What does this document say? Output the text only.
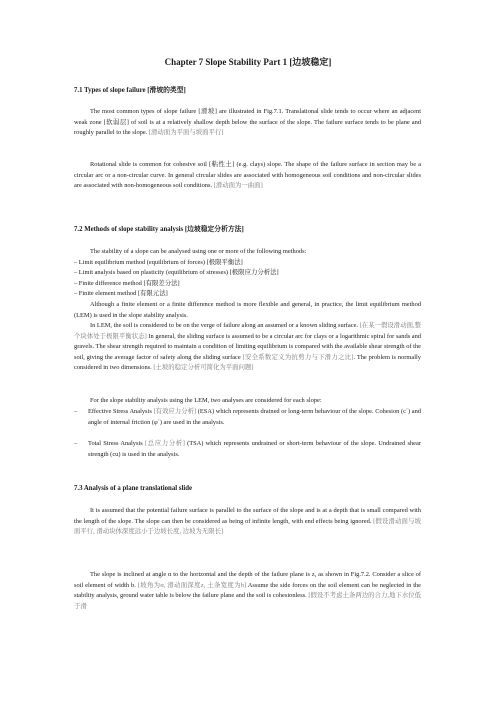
Chapter 7 Slope Stability Part 1 [边坡稳定]
7.1 Types of slope failure [滑坡的类型]

The most common types of slope failure [滑坡] are illustrated in Fig.7.1. Translational slide tends to occur where an adjacent weak zone [软弱层] of soil is at a relatively shallow depth below the surface of the slope. The failure surface tends to be plane and roughly parallel to the slope. [滑动面为平面与坡面平行]

Rotational slide is common for cohesive soil [粘性土] (e.g. clays) slope. The shape of the failure surface in section may be a circular arc or a non-circular curve. In general circular slides are associated with homogeneous soil conditions and non-circular slides are associated with non-homogeneous soil conditions. [滑动面为一曲面]

7.2 Methods of slope stability analysis [边坡稳定分析方法]

The stability of a slope can be analysed using one or more of the following methods:

– Limit equilibrium method (equilibrium of forces) [极限平衡法]

– Limit analysis based on plasticity (equilibrium of stresses) [极限应力分析法]

– Finite difference method [有限差分法]

– Finite element method [有限元法]

Although a finite element or a finite difference method is more flexible and general, in practice, the limit equilibrium method (LEM) is used in the slope stability analysis.

In LEM, the soil is considered to be on the verge of failure along an assumed or a known sliding surface. [在某一假设滑动面,整个块体处于极限平衡状态] In general, the sliding surface is assumed to be a circular arc for clays or a logarithmic spiral for sands and gravels. The shear strength required to maintain a condition of limiting equilibrium is compared with the available shear strength of the soil, giving the average factor of safety along the sliding surface [安全系数定义为抗剪力与下滑力之比]. The problem is normally considered in two dimensions. [土坡的稳定分析可简化为平面问题]

For the slope stability analysis using the LEM, two analyses are considered for each slope:

–	Effective Stress Analysis [有效应力分析] (ESA) which represents drained or long-term behaviour of the slope. Cohesion (c΄) and angle of internal friction (φ΄) are used in the analysis.
–	Total Stress Analysis [总应力分析] (TSA) which represents undrained or short-term behaviour of the slope. Undrained shear strength (cu) is used in the analysis.
7.3 Analysis of a plane translational slide

It is assumed that the potential failure surface is parallel to the surface of the slope and is at a depth that is small compared with the length of the slope. The slope can then be considered as being of infinite length, with end effects being ignored. [假设滑动面与坡面平行, 滑动块体深度远小于边坡长度, 边坡为无限长]

The slope is inclined at angle α to the horizontal and the depth of the failure plane is z, as shown in Fig.7.2. Consider a slice of soil element of width b. [坡角为α, 滑动面深度z, 土条宽度为b] Assume the side forces on the soil element can be neglected in the stability analysis, ground water table is below the failure plane and the soil is cohesionless. [假设不考虑土条两边的合力,地下水位低于滑
